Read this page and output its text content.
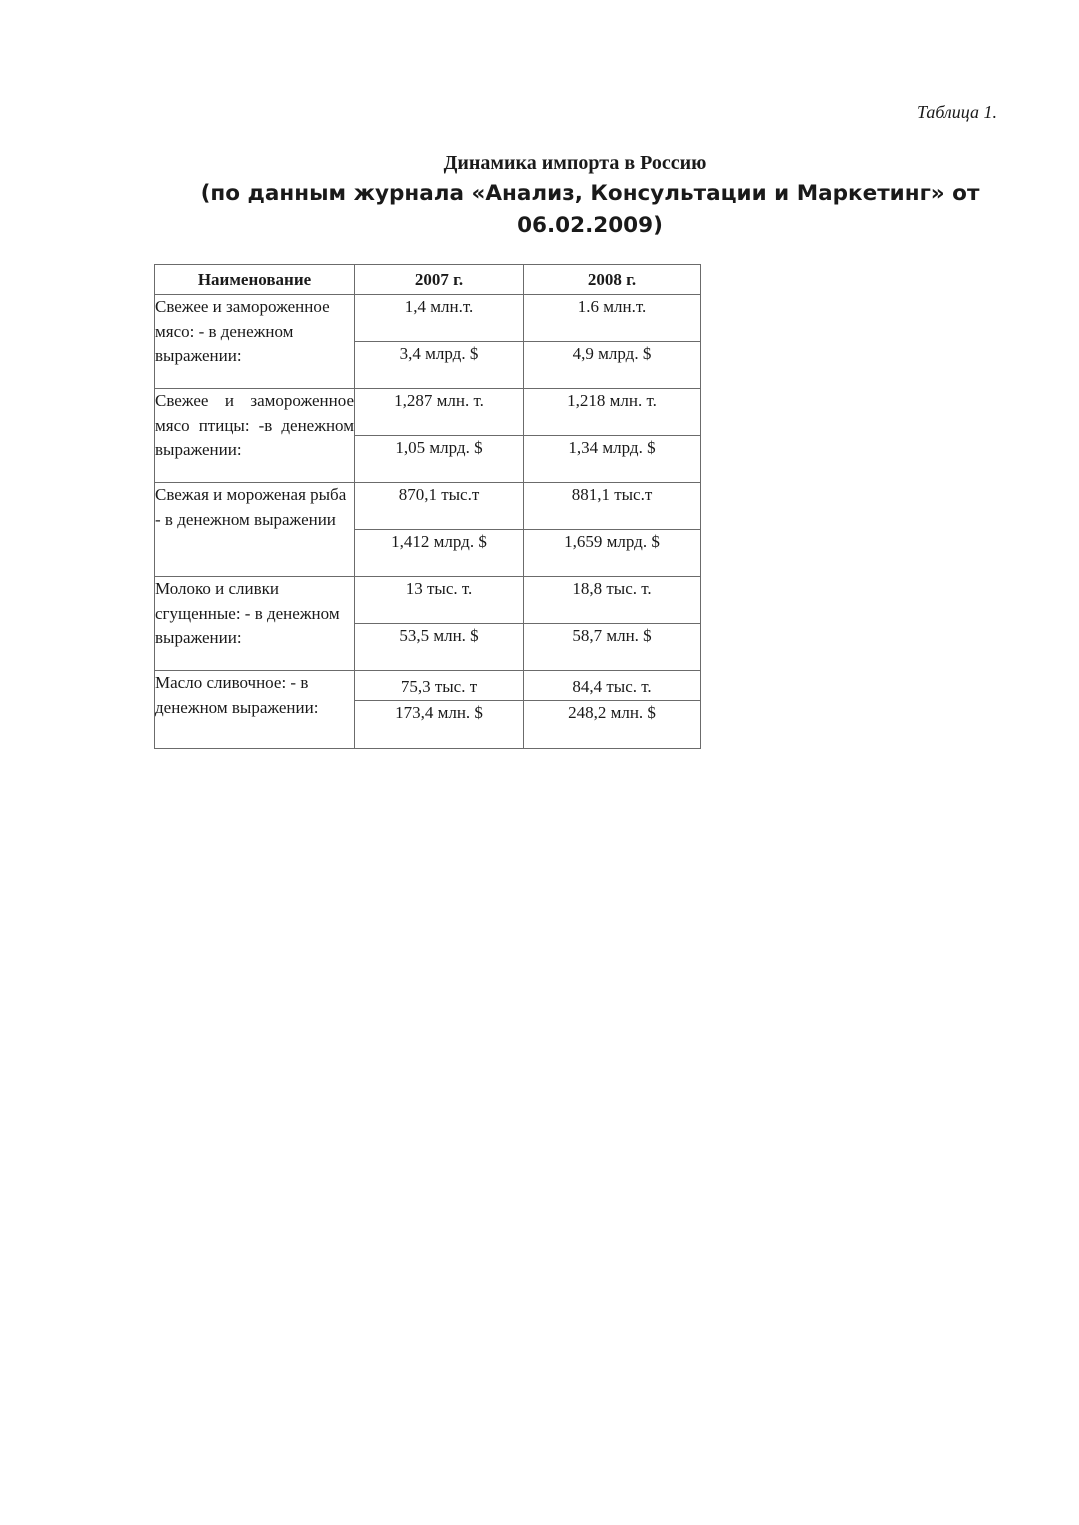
Таблица 1.
Динамика импорта в Россию
(по данным журнала «Анализ, Консультации и Маркетинг» от
06.02.2009)
Наименование	2007 г.	2008 г.
Свежее и замороженное мясо: - в денежном выражении:	1,4 млн.т.	1.6 млн.т.
	3,4 млрд. $	4,9 млрд. $
Свежее и замороженное мясо птицы: -в денежном выражении:	1,287 млн. т.	1,218 млн. т.
	1,05 млрд. $	1,34 млрд. $
Свежая и мороженая рыба - в денежном выражении	870,1 тыс.т	881,1 тыс.т
	1,412 млрд. $	1,659 млрд. $
Молоко и сливки сгущенные: - в денежном выражении:	13 тыс. т.	18,8 тыс. т.
	53,5 млн. $	58,7 млн. $
Масло сливочное: - в денежном выражении:	75,3 тыс. т	84,4 тыс. т.
	173,4 млн. $	248,2 млн. $
